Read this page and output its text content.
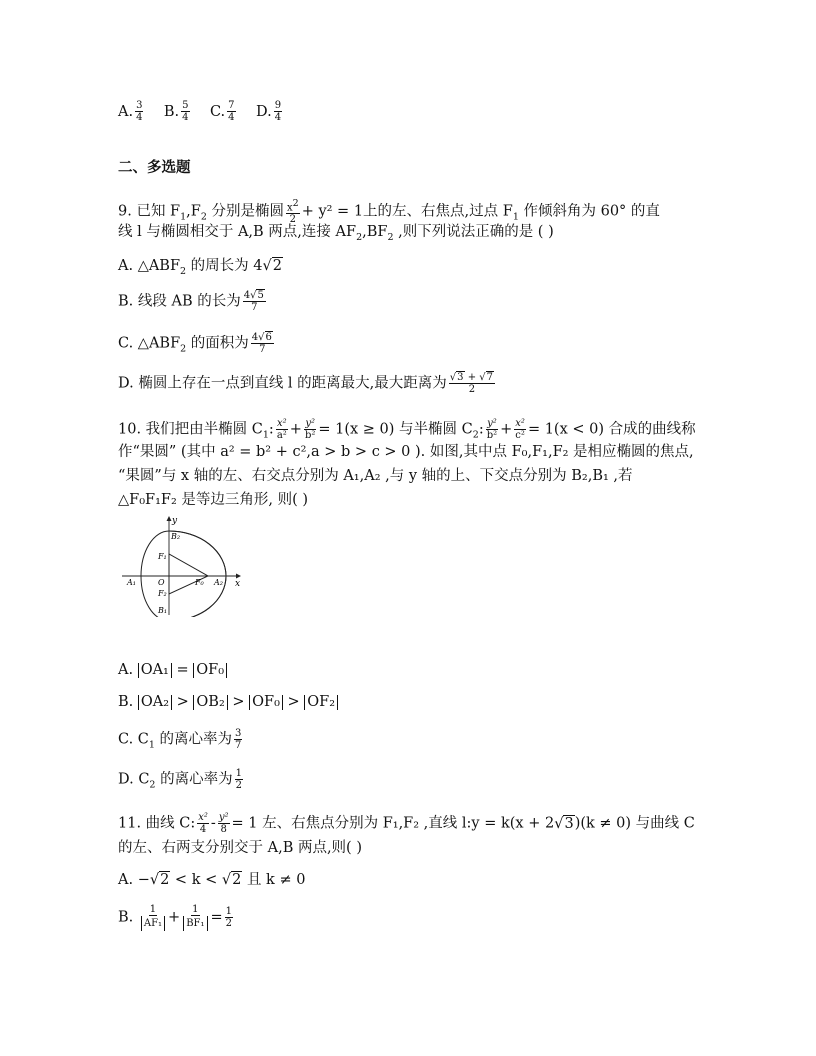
A. $\frac{3}{4} B$. $\frac{5}{4} C$. $\frac{7}{4} D$. $\frac{9}{4}$
二、多选题
9. 已知 $F_1,F_2$ 分别是椭圆 $\frac{x^2}{2} + y^2 = 1$上的左、右焦点,过点 $F_1$ 作倾斜角为 60° 的直
线 l 与椭圆相交于 A,B 两点,连接 $AF_2,BF_2$ ,则下列说法正确的是 ( )
A. $\triangle ABF_2$ 的周长为 4√2
B. 线段 AB 的长为 $\frac{4√5}{7}$
C. $\triangle ABF_2$ 的面积为 $\frac{4√6}{7}$
D. 椭圆上存在一点到直线 l 的距离最大,最大距离为 $\frac{√3 + √7}{2}$
10. 我们把由半椭圆 $C_1$: $\frac{\text{x²}}{\text{a²}} + \frac{\text{y²}}{\text{b²}} = 1(x \ge 0)$ 与半椭圆 $C_2$: $\frac{\text{y²}}{\text{b²}} + \frac{\text{x²}}{\text{c²}} = 1(x < 0)$ 合成的曲线称
作“果圆” (其中 a² = b² + c²,a > b > c > 0 ). 如图,其中点 F₀,F₁,F₂ 是相应椭圆的焦点,
“果圆”与 x 轴的左、右交点分别为 A₁,A₂ ,与 y 轴的上、下交点分别为 B₂,B₁ ,若
△F₀F₁F₂ 是等边三角形, 则( )
y
x
B₂
B₁
F₁
F₂
A₁	O	F₀ A₂
A. OA₁ = OF₀
B. OA₂ > OB₂ > OF₀ > OF₂
C. $C_1$ 的离心率为 $\frac{3}{7}$
D. $C_2$ 的离心率为 $\frac{1}{2}$
11. 曲线 C: $\frac{\text{x²}}{4} - \frac{\text{y²}}{8} = 1$ 左、右焦点分别为 F₁,F₂ ,直线 l:y = k(x + 2√3)(k ≠ 0) 与曲线 C
的左、右两支分别交于 A,B 两点,则( )
A. −√2 < k < √2 且 k ≠ 0
B. $\frac{1}{\text{AF₁}} + \frac{1}{\text{BF₁}} = \frac{1}{2}$
